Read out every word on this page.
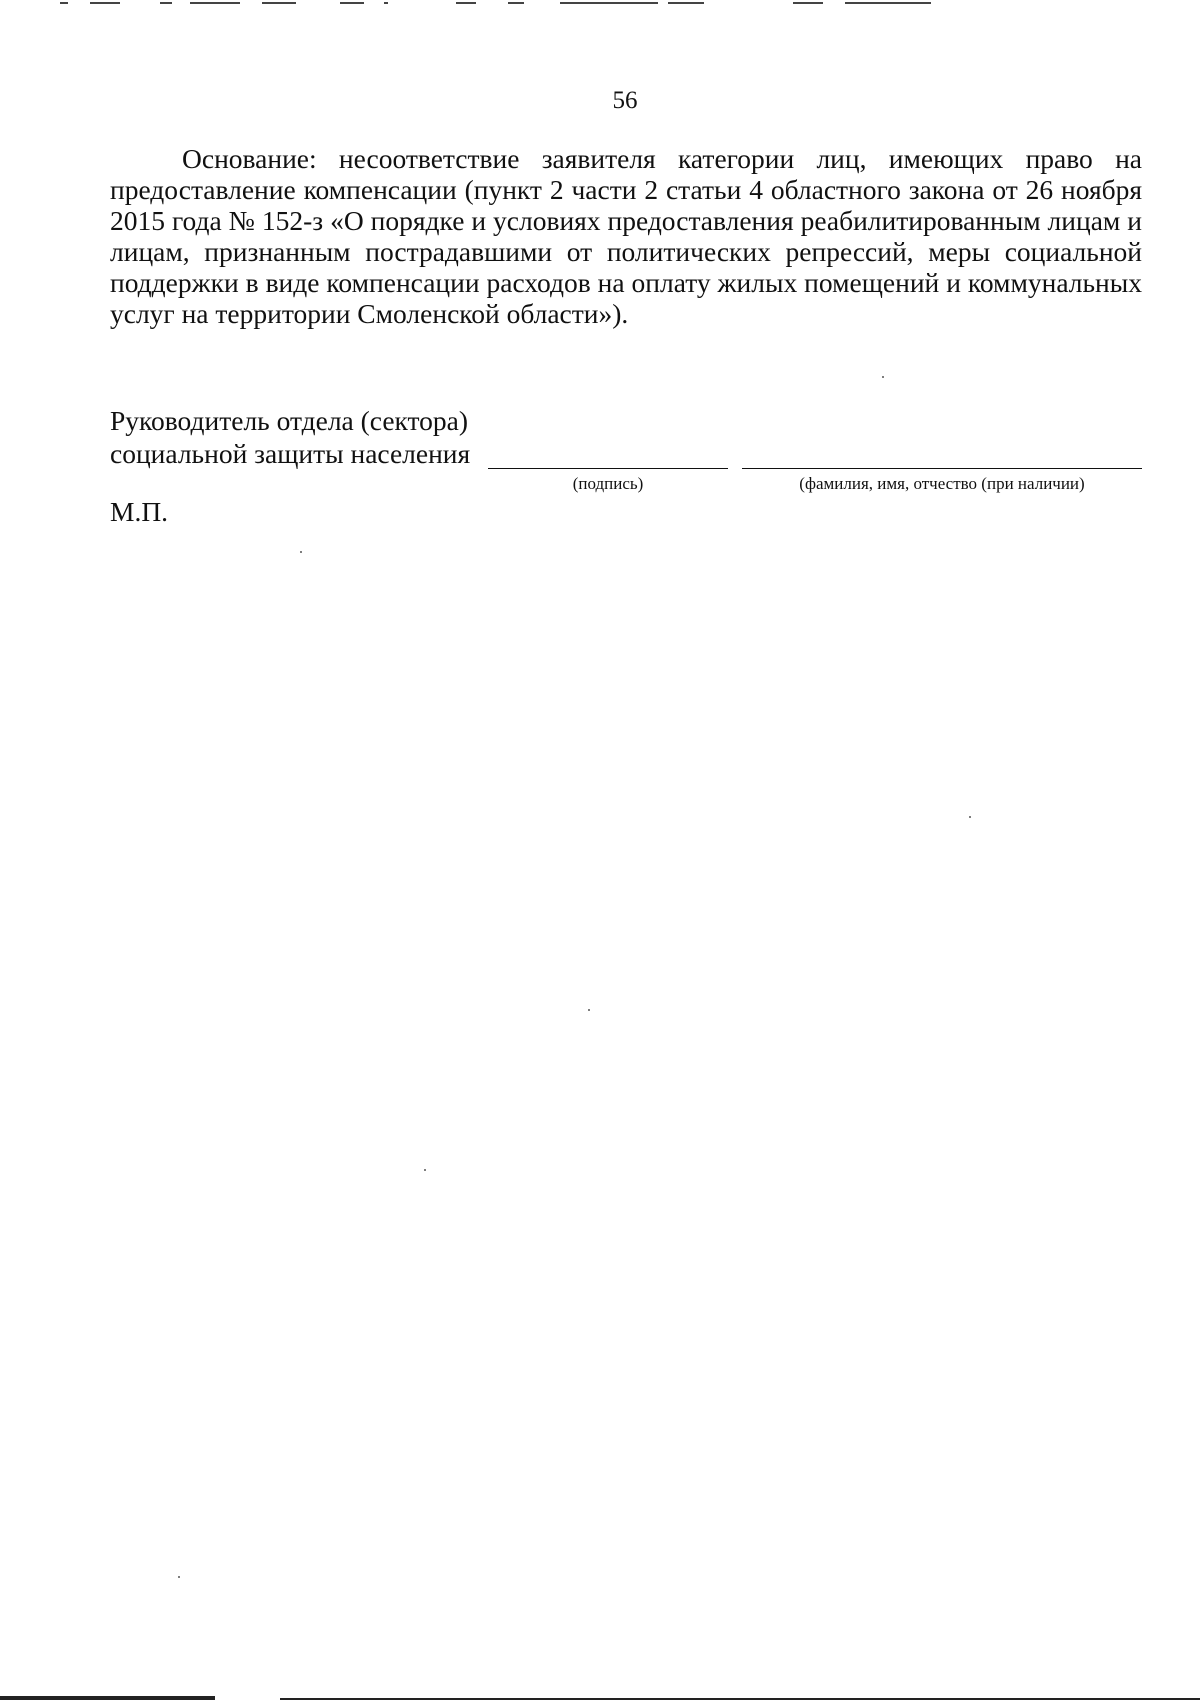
56

Основание: несоответствие заявителя категории лиц, имеющих право на предоставление компенсации (пункт 2 части 2 статьи 4 областного закона от 26 ноября 2015 года № 152-з «О порядке и условиях предоставления реабилитированным лицам и лицам, признанным пострадавшими от политических репрессий, меры социальной поддержки в виде компенсации расходов на оплату жилых помещений и коммунальных услуг на территории Смоленской области»).

Руководитель отдела (сектора)
социальной защиты населения
(подпись)	(фамилия, имя, отчество (при наличии)
М.П.
